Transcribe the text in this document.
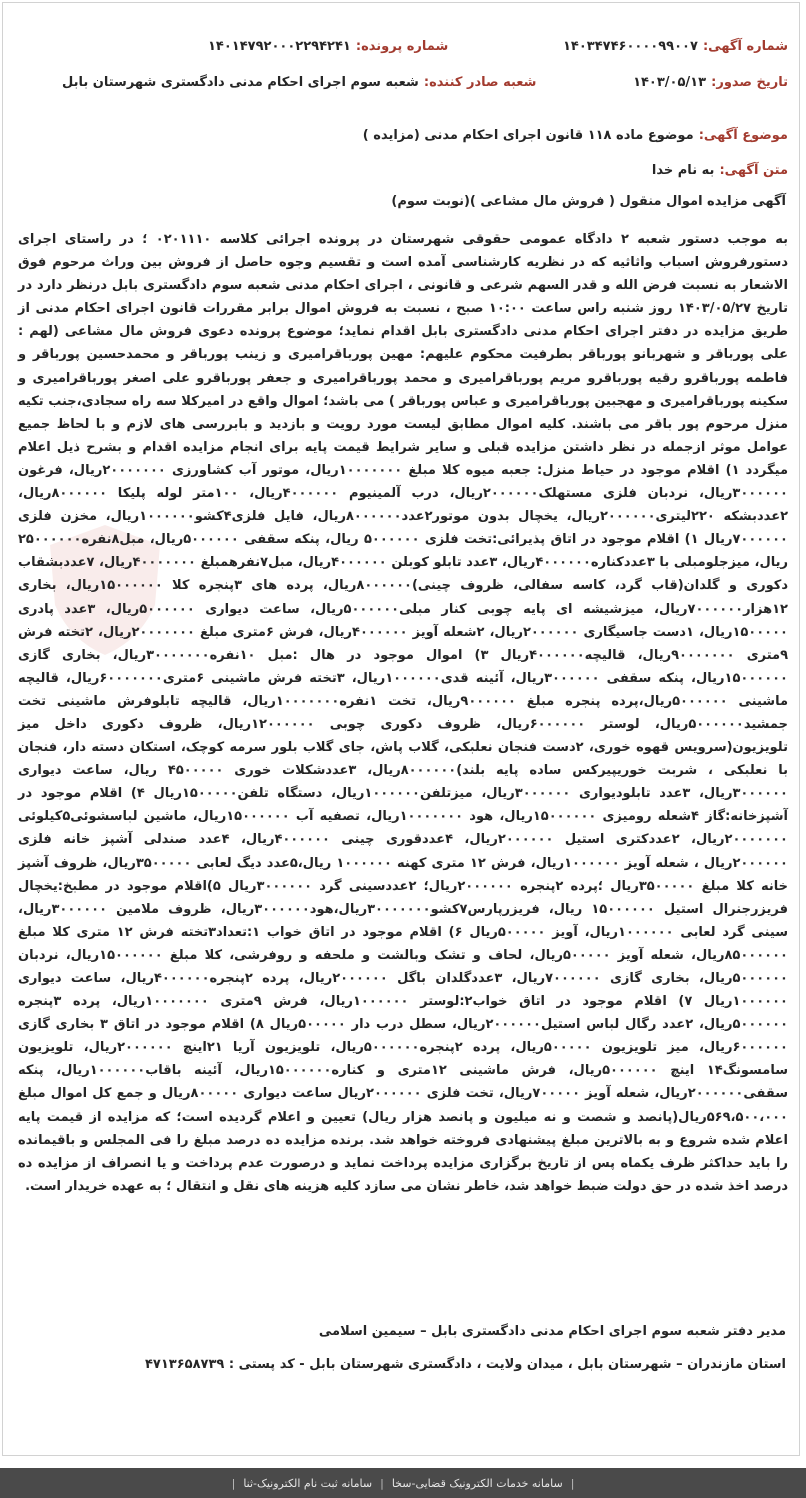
شماره آگهی: ۱۴۰۳۴۷۴۶۰۰۰۰۹۹۰۰۷
شماره پرونده: ۱۴۰۱۴۷۹۲۰۰۰۲۲۹۴۲۴۱
تاریخ صدور: ۱۴۰۳/۰۵/۱۳
شعبه صادر کننده: شعبه سوم اجرای احکام مدنی دادگستری شهرستان بابل
موضوع آگهی: موضوع ماده ۱۱۸ قانون اجرای احکام مدنی (مزایده )
متن آگهی: به نام خدا
آگهی مزایده اموال منقول ( فروش مال مشاعی )(نوبت سوم)
به موجب دستور شعبه ۲ دادگاه عمومی حقوقی شهرستان در پرونده اجرائی کلاسه ۰۲۰۱۱۱۰ ؛ در راستای اجرای دستورفروش اسباب واثاثیه که در نظریه کارشناسی آمده است و تقسیم وجوه حاصل از فروش بین وراث مرحوم فوق الاشعار به نسبت فرض الله و قدر السهم شرعی و قانونی ، اجرای احکام مدنی شعبه سوم دادگستری بابل درنظر دارد در تاریخ ۱۴۰۳/۰۵/۲۷ روز شنبه راس ساعت ۱۰:۰۰ صبح ، نسبت به فروش اموال برابر مقررات قانون اجرای احکام مدنی از طریق مزایده در دفتر اجرای احکام مدنی دادگستری بابل اقدام نماید؛ موضوع پرونده دعوی فروش مال مشاعی (لهم : علی پورباقر و شهربانو پورباقر بطرفیت محکوم علیهم: مهین پورباقرامیری و زینب پورباقر و محمدحسین پورباقر و فاطمه پورباقرو رقیه پورباقرو مریم پورباقرامیری و محمد پورباقرامیری و جعفر پورباقرو علی اصغر پورباقرامیری و سکینه پورباقرامیری و مهجبین پورباقرامیری و عباس پورباقر ) می باشد؛ اموال واقع در امیرکلا سه راه سجادی،جنب تکیه منزل مرحوم پور باقر می باشند. کلیه اموال مطابق لیست مورد رویت و بازدید و بابررسی های لازم و با لحاظ جمیع عوامل موثر ازجمله در نظر داشتن مزایده قبلی و سایر شرایط قیمت پایه برای انجام مزایده اقدام و بشرح ذیل اعلام میگردد ۱) اقلام موجود در حیاط منزل: جعبه میوه کلا مبلغ ۱۰۰۰۰۰۰۰ریال، موتور آب کشاورزی ۲۰۰۰۰۰۰۰ریال، فرغون ۳۰۰۰۰۰۰ریال، نردبان فلزی مستهلک۲۰۰۰۰۰۰ریال، درب آلمینیوم ۴۰۰۰۰۰۰ریال، ۱۰۰متر لوله پلیکا ۸۰۰۰۰۰۰ریال، ۲عددبشکه ۲۲۰لیتری۲۰۰۰۰۰۰ریال، یخچال بدون موتور۲عدد۸۰۰۰۰۰۰ریال، فایل فلزی۴کشو۱۰۰۰۰۰۰ریال، مخزن فلزی ۷۰۰۰۰۰۰ریال ۱) اقلام موجود در اتاق پذیرائی:تخت فلزی ۵۰۰۰۰۰۰ ریال، پنکه سقفی ۵۰۰۰۰۰۰ریال، مبل۸نفره۲۵۰۰۰۰۰۰ ریال، میزجلومبلی با ۳عددکناره۴۰۰۰۰۰۰ریال، ۳عدد تابلو کوبلن ۴۰۰۰۰۰۰ریال، مبل۷نفرهمبلغ ۴۰۰۰۰۰۰۰ریال، ۷عددبشقاب دکوری و گلدان(قاب گرد، کاسه سفالی، ظروف چینی)۸۰۰۰۰۰۰ریال، پرده های ۳پنجره کلا ۱۵۰۰۰۰۰۰ریال، بخاری ۱۲هزار۷۰۰۰۰۰۰ریال، میزشیشه ای پایه چوبی کنار مبلی۵۰۰۰۰۰۰ریال، ساعت دیواری ۵۰۰۰۰۰۰ریال، ۳عدد پادری ۱۵۰۰۰۰۰ریال، ۱دست جاسیگاری ۲۰۰۰۰۰۰ریال، ۲شعله آویز ۴۰۰۰۰۰۰ریال، فرش ۶متری مبلغ ۲۰۰۰۰۰۰۰ریال، ۲تخته فرش ۹متری ۹۰۰۰۰۰۰۰ریال، قالیچه۴۰۰۰۰۰۰ریال ۳) اموال موجود در هال :مبل ۱۰نفره۳۰۰۰۰۰۰۰ریال، بخاری گازی ۱۵۰۰۰۰۰۰ریال، پنکه سقفی ۳۰۰۰۰۰۰ریال، آئینه قدی۱۰۰۰۰۰۰ریال، ۳تخته فرش ماشینی ۶متری۶۰۰۰۰۰۰۰ریال، قالیچه ماشینی ۵۰۰۰۰۰۰ریال،پرده پنجره مبلغ ۹۰۰۰۰۰۰ریال، تخت ۱نفره۱۰۰۰۰۰۰۰ریال، قالیچه تابلوفرش ماشینی تخت جمشید۵۰۰۰۰۰۰ریال، لوستر ۶۰۰۰۰۰۰ریال، ظروف دکوری چوبی ۱۲۰۰۰۰۰۰ریال، ظروف دکوری داخل میز تلویزیون(سرویس قهوه خوری، ۲دست فنجان نعلبکی، گلاب پاش، جای گلاب بلور سرمه کوچک، استکان دسته دار، فنجان با نعلبکی ، شربت خوریپیرکس ساده پایه بلند)۸۰۰۰۰۰۰ریال، ۳عددشکلات خوری ۴۵۰۰۰۰۰ ریال، ساعت دیواری ۳۰۰۰۰۰۰ریال، ۳عدد تابلودیواری ۳۰۰۰۰۰۰ریال، میزتلفن۱۰۰۰۰۰۰ریال، دستگاه تلفن۱۵۰۰۰۰۰ریال ۴) اقلام موجود در آشپزخانه:گاز ۴شعله رومیزی ۱۵۰۰۰۰۰۰ریال، هود ۱۰۰۰۰۰۰۰ریال، تصفیه آب ۱۵۰۰۰۰۰۰ریال، ماشین لباسشوئی۵کیلوئی ۲۰۰۰۰۰۰۰ریال، ۲عددکتری استیل ۲۰۰۰۰۰۰ریال، ۴عددقوری چینی ۴۰۰۰۰۰۰ریال، ۴عدد صندلی آشپز خانه فلزی ۲۰۰۰۰۰۰ریال ، شعله آویز ۱۰۰۰۰۰۰ریال، فرش ۱۲ متری کهنه ۱۰۰۰۰۰۰ ریال،۵عدد دیگ لعابی ۳۵۰۰۰۰۰ریال، ظروف آشپز خانه کلا مبلغ ۳۵۰۰۰۰۰ریال ؛پرده ۲پنجره ۲۰۰۰۰۰۰ریال؛ ۲عددسینی گرد ۳۰۰۰۰۰۰ریال ۵)اقلام موجود در مطبخ:یخچال فریزرجنرال استیل ۱۵۰۰۰۰۰۰ ریال، فریزرپارس۷کشو۳۰۰۰۰۰۰۰ریال،هود۳۰۰۰۰۰۰ریال، ظروف ملامین ۳۰۰۰۰۰۰ریال، سینی گرد لعابی ۱۰۰۰۰۰۰ریال، آویز ۵۰۰۰۰۰ریال ۶) اقلام موجود در اتاق خواب ۱:تعداد۳تخته فرش ۱۲ متری کلا مبلغ ۸۵۰۰۰۰۰۰ریال، شعله آویز ۵۰۰۰۰۰ریال، لحاف و تشک وبالشت و ملحفه و روفرشی، کلا مبلغ ۱۵۰۰۰۰۰۰ریال، نردبان ۵۰۰۰۰۰۰ریال، بخاری گازی ۷۰۰۰۰۰۰ریال، ۳عددگلدان باگل ۲۰۰۰۰۰۰ریال، پرده ۲پنجره۴۰۰۰۰۰۰ریال، ساعت دیواری ۱۰۰۰۰۰۰ریال ۷) اقلام موجود در اتاق خواب۲:لوستر ۱۰۰۰۰۰۰ریال، فرش ۹متری ۱۰۰۰۰۰۰۰ریال، پرده ۳پنجره ۵۰۰۰۰۰۰ریال، ۲عدد رگال لباس استیل۲۰۰۰۰۰۰ریال، سطل درب دار ۵۰۰۰۰۰ریال ۸) اقلام موجود در اتاق ۳ بخاری گازی ۶۰۰۰۰۰۰ریال، میز تلویزیون ۵۰۰۰۰۰ریال، پرده ۲پنجره۵۰۰۰۰۰۰ریال، تلویزیون آریا ۲۱اینچ ۲۰۰۰۰۰۰ریال، تلویزیون سامسونگ۱۴ اینچ ۵۰۰۰۰۰۰ریال، فرش ماشینی ۱۲متری و کناره۱۵۰۰۰۰۰۰ریال، آئینه باقاب۱۰۰۰۰۰۰ریال، پنکه سقفی۲۰۰۰۰۰۰ریال، شعله آویز ۷۰۰۰۰۰ریال، تخت فلزی ۲۰۰۰۰۰۰ریال ساعت دیواری ۸۰۰۰۰۰ریال و جمع کل اموال مبلغ ۵۶۹،۵۰۰،۰۰۰ریال(پانصد و شصت و نه میلیون و پانصد هزار ریال) تعیین و اعلام گردیده است؛ که مزایده از قیمت پایه اعلام شده شروع و به بالاترین مبلغ پیشنهادی فروخته خواهد شد. برنده مزایده ده درصد مبلغ را فی المجلس و باقیمانده را باید حداکثر ظرف یکماه پس از تاریخ برگزاری مزایده پرداخت نماید و درصورت عدم پرداخت و یا انصراف از مزایده ده درصد اخذ شده در حق دولت ضبط خواهد شد، خاطر نشان می سازد کلیه هزینه های نقل و انتقال ؛ به عهده خریدار است.
مدیر دفتر شعبه سوم اجرای احکام مدنی دادگستری بابل – سیمین اسلامی
استان مازندران – شهرستان بابل ، میدان ولایت ، دادگستری شهرستان بابل - کد پستی : ۴۷۱۳۶۵۸۷۳۹
|
سامانه خدمات الکترونیک قضایی-سخا
|
سامانه ثبت نام الکترونیک-ثنا
|
